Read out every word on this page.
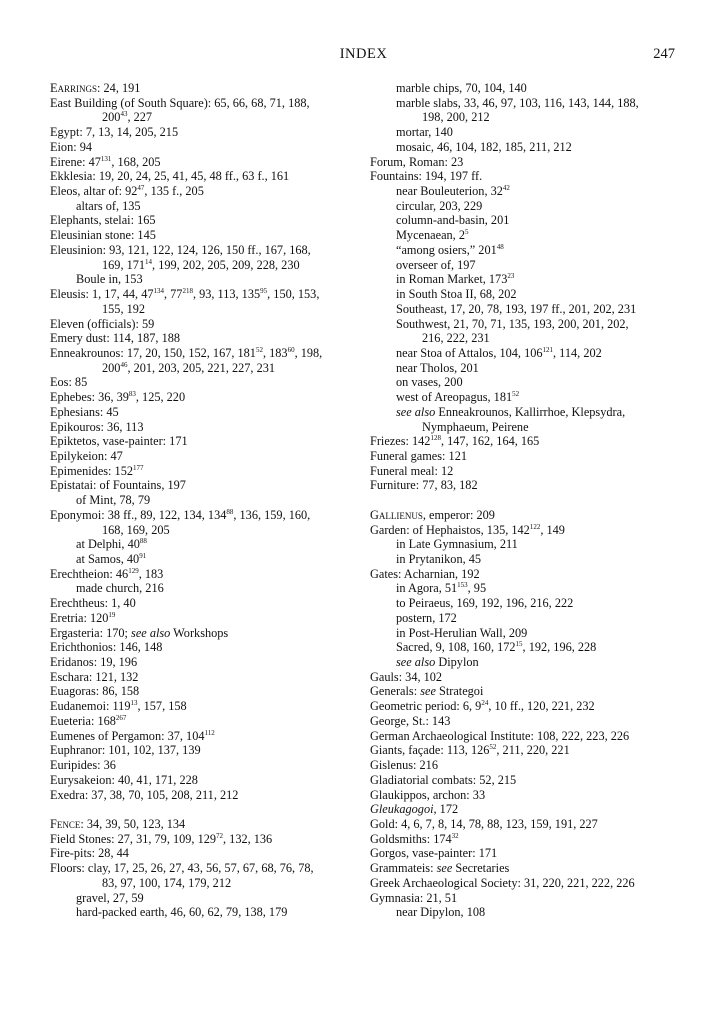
INDEX	247
Earrings: 24, 191
East Building (of South Square): 65, 66, 68, 71, 188,
$200^{43}$, 227
Egypt: 7, 13, 14, 205, 215
Eion: 94
Eirene: $47^{131}$, 168, 205
Ekklesia: 19, 20, 24, 25, 41, 45, 48 ff., 63 f., 161
Eleos, altar of: $92^{47}$, 135 f., 205
altars of, 135
Elephants, stelai: 165
Eleusinian stone: 145
Eleusinion: 93, 121, 122, 124, 126, 150 ff., 167, 168,
169, $171^{14}$, 199, 202, 205, 209, 228, 230
Boule in, 153
Eleusis: 1, 17, 44, $47^{134}$, $77^{218}$, 93, 113, $135^{95}$, 150, 153,
155, 192
Eleven (officials): 59
Emery dust: 114, 187, 188
Enneakrounos: 17, 20, 150, 152, 167, $181^{52}$, $183^{60}$, 198,
$200^{46}$, 201, 203, 205, 221, 227, 231
Eos: 85
Ephebes: 36, $39^{83}$, 125, 220
Ephesians: 45
Epikouros: 36, 113
Epiktetos, vase-painter: 171
Epilykeion: 47
Epimenides: $152^{177}$
Epistatai: of Fountains, 197
of Mint, 78, 79
Eponymoi: 38 ff., 89, 122, 134, $134^{88}$, 136, 159, 160,
168, 169, 205
at Delphi, $40^{88}$
at Samos, $40^{91}$
Erechtheion: $46^{129}$, 183
made church, 216
Erechtheus: 1, 40
Eretria: $120^{19}$
Ergasteria: 170; see also Workshops
Erichthonios: 146, 148
Eridanos: 19, 196
Eschara: 121, 132
Euagoras: 86, 158
Eudanemoi: $119^{13}$, 157, 158
Eueteria: $168^{267}$
Eumenes of Pergamon: 37, $104^{112}$
Euphranor: 101, 102, 137, 139
Euripides: 36
Eurysakeion: 40, 41, 171, 228
Exedra: 37, 38, 70, 105, 208, 211, 212
Fence: 34, 39, 50, 123, 134
Field Stones: 27, 31, 79, 109, $129^{72}$, 132, 136
Fire-pits: 28, 44
Floors: clay, 17, 25, 26, 27, 43, 56, 57, 67, 68, 76, 78,
83, 97, 100, 174, 179, 212
gravel, 27, 59
hard-packed earth, 46, 60, 62, 79, 138, 179
marble chips, 70, 104, 140
marble slabs, 33, 46, 97, 103, 116, 143, 144, 188,
198, 200, 212
mortar, 140
mosaic, 46, 104, 182, 185, 211, 212
Forum, Roman: 23
Fountains: 194, 197 ff.
near Bouleuterion, $32^{42}$
circular, 203, 229
column-and-basin, 201
Mycenaean, $2^5$
“among osiers,” $201^{48}$
overseer of, 197
in Roman Market, $173^{23}$
in South Stoa II, 68, 202
Southeast, 17, 20, 78, 193, 197 ff., 201, 202, 231
Southwest, 21, 70, 71, 135, 193, 200, 201, 202,
216, 222, 231
near Stoa of Attalos, 104, $106^{121}$, 114, 202
near Tholos, 201
on vases, 200
west of Areopagus, $181^{52}$
see also Enneakrounos, Kallirrhoe, Klepsydra,
Nymphaeum, Peirene
Friezes: $142^{128}$, 147, 162, 164, 165
Funeral games: 121
Funeral meal: 12
Furniture: 77, 83, 182
Gallienus, emperor: 209
Garden: of Hephaistos, 135, $142^{122}$, 149
in Late Gymnasium, 211
in Prytanikon, 45
Gates: Acharnian, 192
in Agora, $51^{153}$, 95
to Peiraeus, 169, 192, 196, 216, 222
postern, 172
in Post-Herulian Wall, 209
Sacred, 9, 108, 160, $172^{15}$, 192, 196, 228
see also Dipylon
Gauls: 34, 102
Generals: see Strategoi
Geometric period: 6, $9^{24}$, 10 ff., 120, 221, 232
George, St.: 143
German Archaeological Institute: 108, 222, 223, 226
Giants, façade: 113, $126^{52}$, 211, 220, 221
Gislenus: 216
Gladiatorial combats: 52, 215
Glaukippos, archon: 33
Gleukagogoi, 172
Gold: 4, 6, 7, 8, 14, 78, 88, 123, 159, 191, 227
Goldsmiths: $174^{32}$
Gorgos, vase-painter: 171
Grammateis: see Secretaries
Greek Archaeological Society: 31, 220, 221, 222, 226
Gymnasia: 21, 51
near Dipylon, 108
